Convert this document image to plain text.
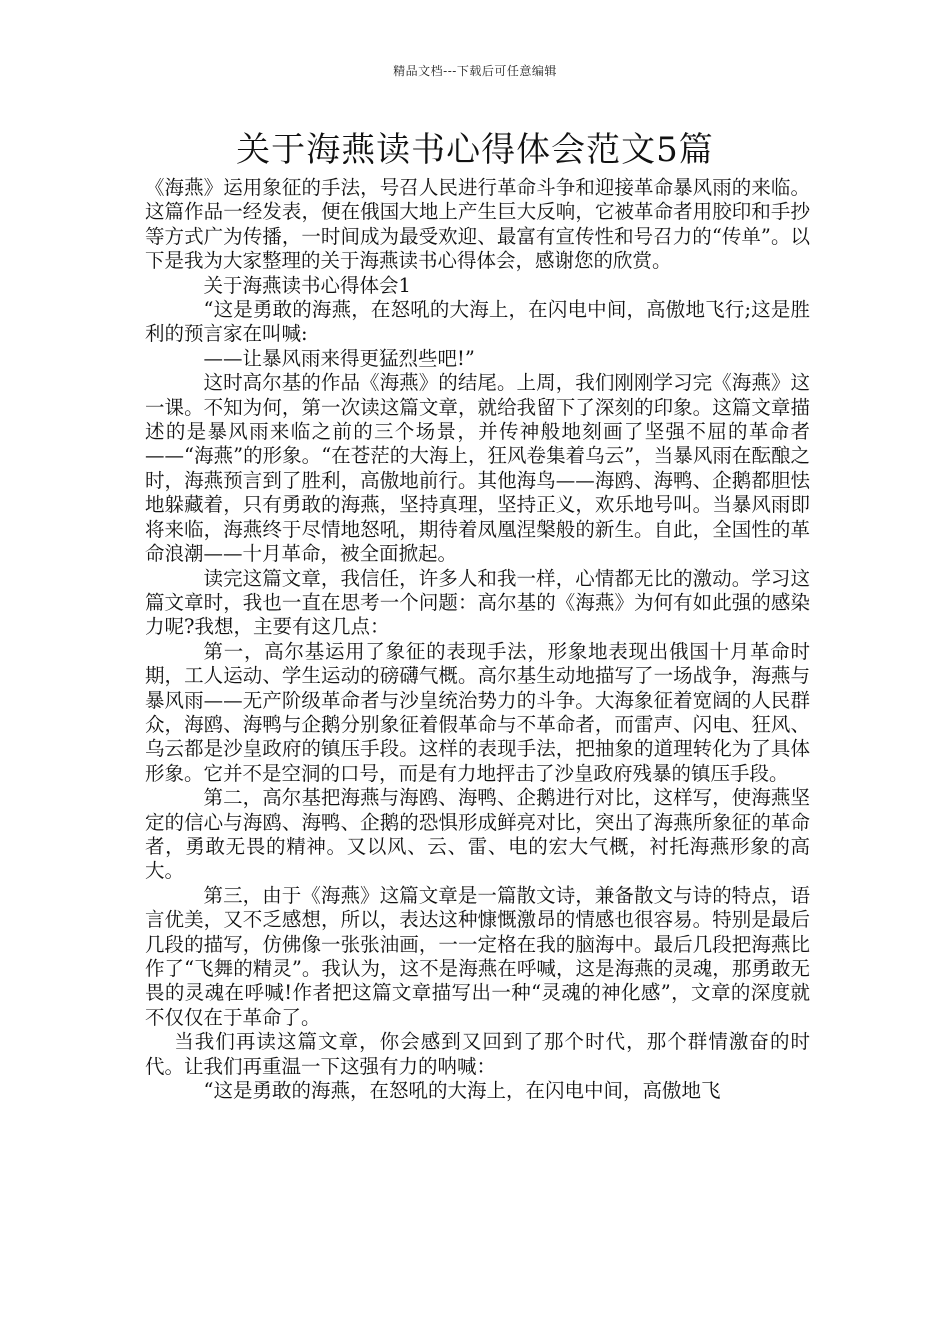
精品文档---下载后可任意编辑
关于海燕读书心得体会范文5篇

《海燕》运用象征的手法，号召人民进行革命斗争和迎接革命暴风雨的来临。这篇作品一经发表，便在俄国大地上产生巨大反响，它被革命者用胶印和手抄等方式广为传播，一时间成为最受欢迎、最富有宣传性和号召力的“传单”。以下是我为大家整理的关于海燕读书心得体会，感谢您的欣赏。

关于海燕读书心得体会1

“这是勇敢的海燕，在怒吼的大海上，在闪电中间，高傲地飞行;这是胜利的预言家在叫喊:

——让暴风雨来得更猛烈些吧!”

这时高尔基的作品《海燕》的结尾。上周，我们刚刚学习完《海燕》这一课。不知为何，第一次读这篇文章，就给我留下了深刻的印象。这篇文章描述的是暴风雨来临之前的三个场景，并传神般地刻画了坚强不屈的革命者——“海燕”的形象。“在苍茫的大海上，狂风卷集着乌云”，当暴风雨在酝酿之时，海燕预言到了胜利，高傲地前行。其他海鸟——海鸥、海鸭、企鹅都胆怯地躲藏着，只有勇敢的海燕，坚持真理，坚持正义，欢乐地号叫。当暴风雨即将来临，海燕终于尽情地怒吼，期待着凤凰涅槃般的新生。自此，全国性的革命浪潮——十月革命，被全面掀起。

读完这篇文章，我信任，许多人和我一样，心情都无比的激动。学习这篇文章时，我也一直在思考一个问题：高尔基的《海燕》为何有如此强的感染力呢?我想，主要有这几点：

第一，高尔基运用了象征的表现手法，形象地表现出俄国十月革命时期，工人运动、学生运动的磅礴气概。高尔基生动地描写了一场战争，海燕与暴风雨——无产阶级革命者与沙皇统治势力的斗争。大海象征着宽阔的人民群众，海鸥、海鸭与企鹅分别象征着假革命与不革命者，而雷声、闪电、狂风、乌云都是沙皇政府的镇压手段。这样的表现手法，把抽象的道理转化为了具体形象。它并不是空洞的口号，而是有力地抨击了沙皇政府残暴的镇压手段。

第二，高尔基把海燕与海鸥、海鸭、企鹅进行对比，这样写，使海燕坚定的信心与海鸥、海鸭、企鹅的恐惧形成鲜亮对比，突出了海燕所象征的革命者，勇敢无畏的精神。又以风、云、雷、电的宏大气概，衬托海燕形象的高大。

第三，由于《海燕》这篇文章是一篇散文诗，兼备散文与诗的特点，语言优美，又不乏感想，所以，表达这种慷慨激昂的情感也很容易。特别是最后几段的描写，仿佛像一张张油画，一一定格在我的脑海中。最后几段把海燕比作了“飞舞的精灵”。我认为，这不是海燕在呼喊，这是海燕的灵魂，那勇敢无畏的灵魂在呼喊!作者把这篇文章描写出一种“灵魂的神化感”，文章的深度就不仅仅在于革命了。

当我们再读这篇文章，你会感到又回到了那个时代，那个群情激奋的时代。让我们再重温一下这强有力的呐喊：

“这是勇敢的海燕，在怒吼的大海上，在闪电中间，高傲地飞
